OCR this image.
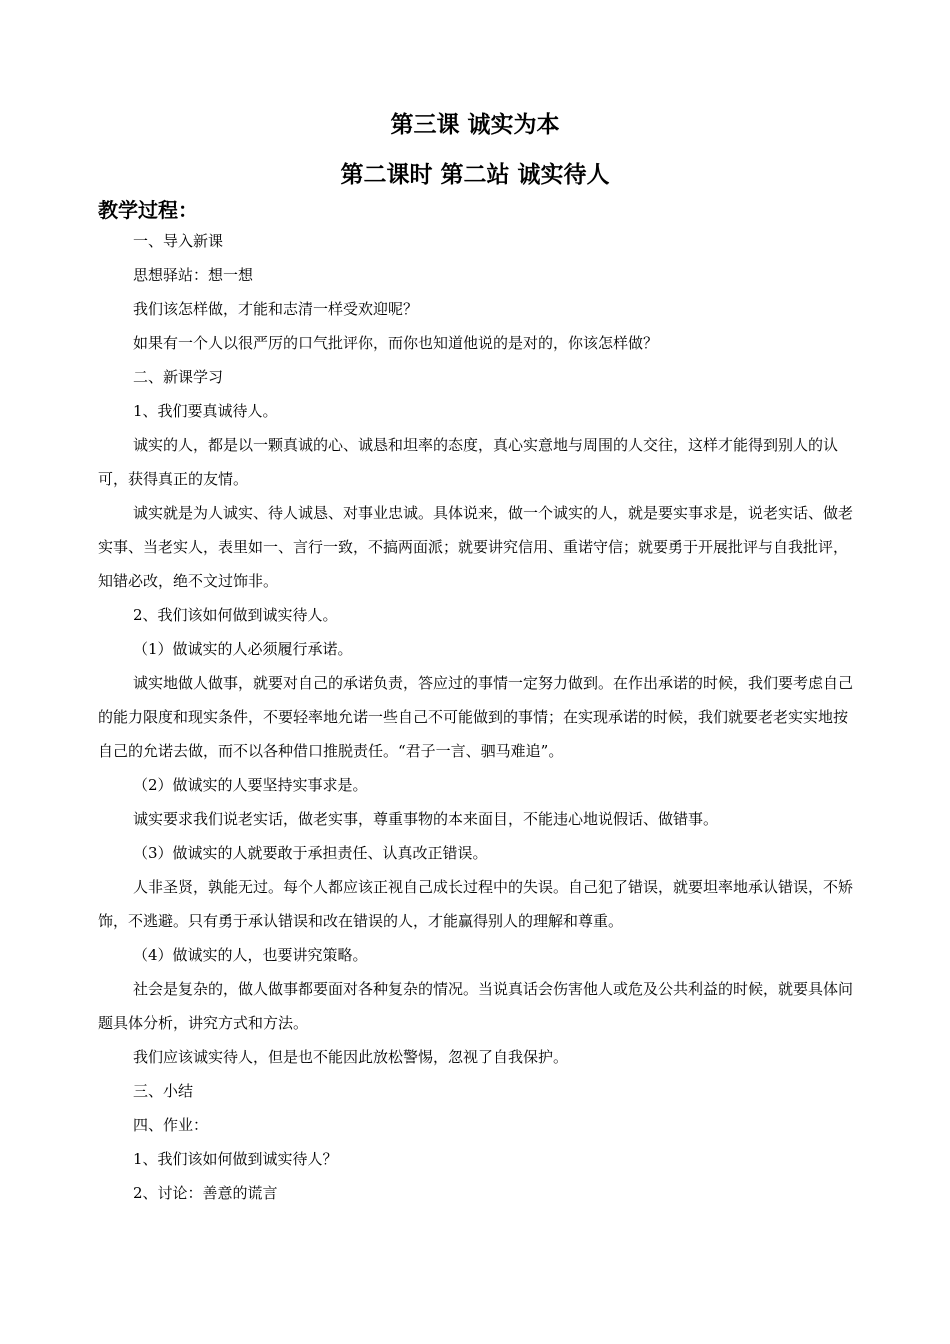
第三课 诚实为本
第二课时 第二站 诚实待人
教学过程：

一、导入新课

思想驿站：想一想

我们该怎样做，才能和志清一样受欢迎呢？

如果有一个人以很严厉的口气批评你，而你也知道他说的是对的，你该怎样做？

二、新课学习

1、我们要真诚待人。

诚实的人，都是以一颗真诚的心、诚恳和坦率的态度，真心实意地与周围的人交往，这样才能得到别人的认可，获得真正的友情。

诚实就是为人诚实、待人诚恳、对事业忠诚。具体说来，做一个诚实的人，就是要实事求是，说老实话、做老实事、当老实人，表里如一、言行一致，不搞两面派；就要讲究信用、重诺守信；就要勇于开展批评与自我批评，知错必改，绝不文过饰非。

2、我们该如何做到诚实待人。

（1）做诚实的人必须履行承诺。

诚实地做人做事，就要对自己的承诺负责，答应过的事情一定努力做到。在作出承诺的时候，我们要考虑自己的能力限度和现实条件，不要轻率地允诺一些自己不可能做到的事情；在实现承诺的时候，我们就要老老实实地按自己的允诺去做，而不以各种借口推脱责任。“君子一言、驷马难追”。

（2）做诚实的人要坚持实事求是。

诚实要求我们说老实话，做老实事，尊重事物的本来面目，不能违心地说假话、做错事。

（3）做诚实的人就要敢于承担责任、认真改正错误。

人非圣贤，孰能无过。每个人都应该正视自己成长过程中的失误。自己犯了错误，就要坦率地承认错误，不矫饰，不逃避。只有勇于承认错误和改在错误的人，才能赢得别人的理解和尊重。

（4）做诚实的人，也要讲究策略。

社会是复杂的，做人做事都要面对各种复杂的情况。当说真话会伤害他人或危及公共利益的时候，就要具体问题具体分析，讲究方式和方法。

我们应该诚实待人，但是也不能因此放松警惕，忽视了自我保护。

三、小结

四、作业：

1、我们该如何做到诚实待人？

2、讨论：善意的谎言
